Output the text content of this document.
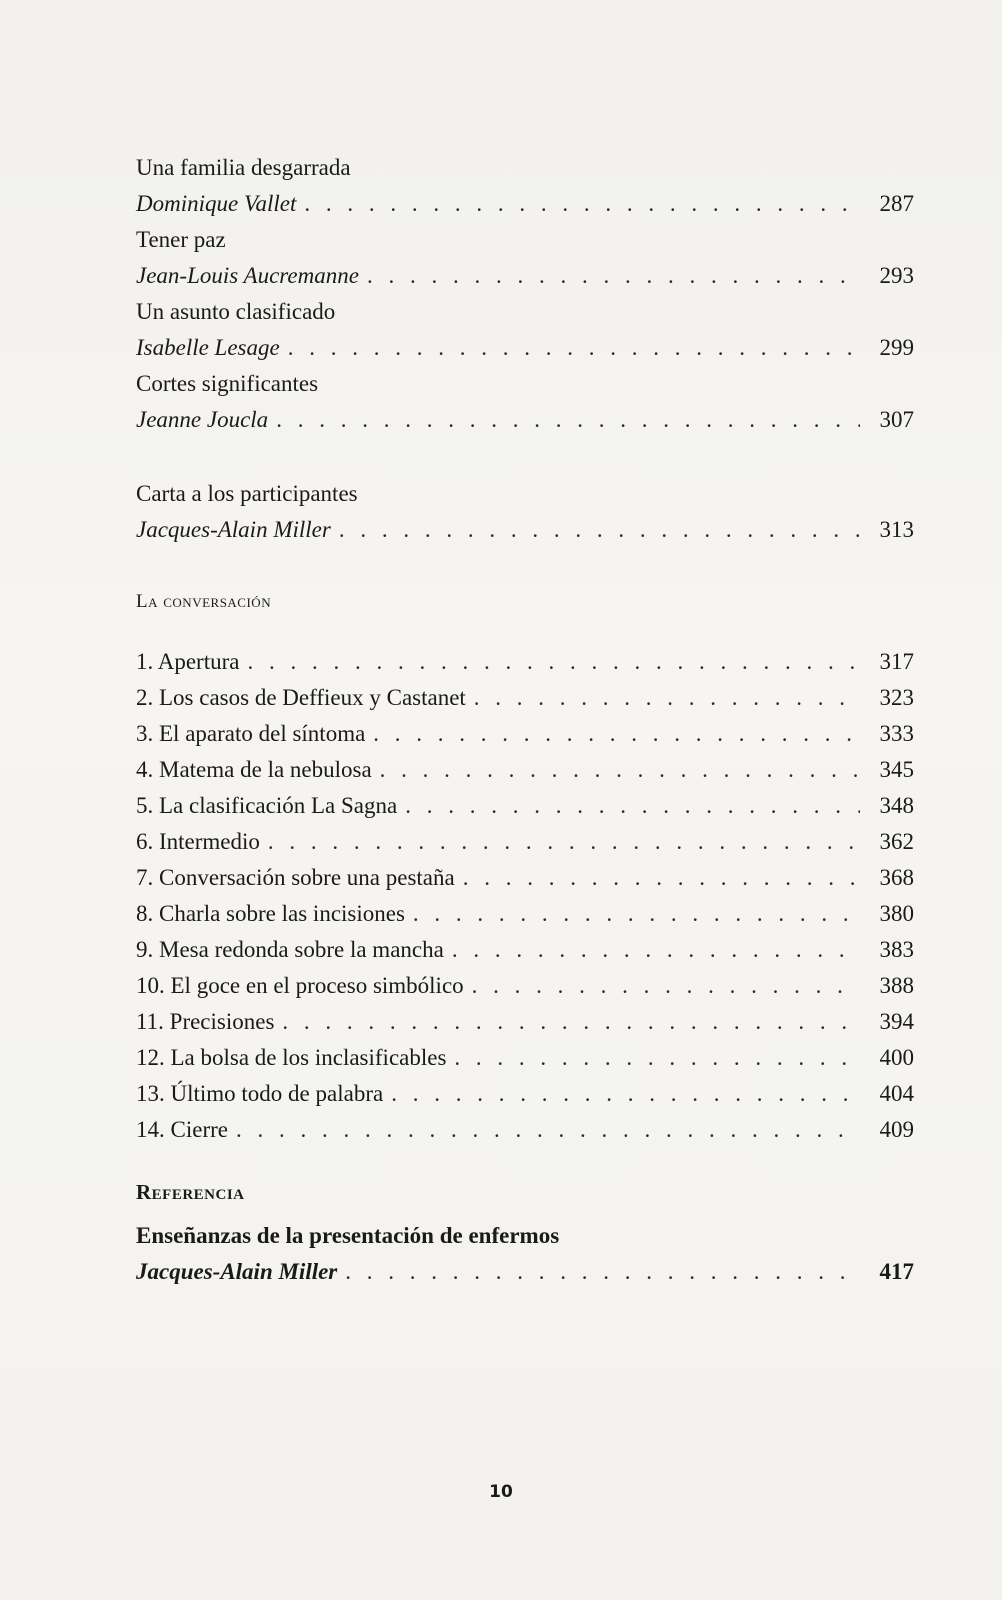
Una familia desgarrada
Dominique Vallet . . .	287
Tener paz
Jean-Louis Aucremanne . . .	293
Un asunto clasificado
Isabelle Lesage . . .	299
Cortes significantes
Jeanne Joucla . . .	307
Carta a los participantes
Jacques-Alain Miller . . .	313
La conversación
1. Apertura . . .	317
2. Los casos de Deffieux y Castanet . . .	323
3. El aparato del síntoma . . .	333
4. Matema de la nebulosa . . .	345
5. La clasificación La Sagna . . .	348
6. Intermedio . . .	362
7. Conversación sobre una pestaña . . .	368
8. Charla sobre las incisiones . . .	380
9. Mesa redonda sobre la mancha . . .	383
10. El goce en el proceso simbólico . . .	388
11. Precisiones . . .	394
12. La bolsa de los inclasificables . . .	400
13. Último todo de palabra . . .	404
14. Cierre . . .	409
Referencia
Enseñanzas de la presentación de enfermos
Jacques-Alain Miller . . .	417
10
